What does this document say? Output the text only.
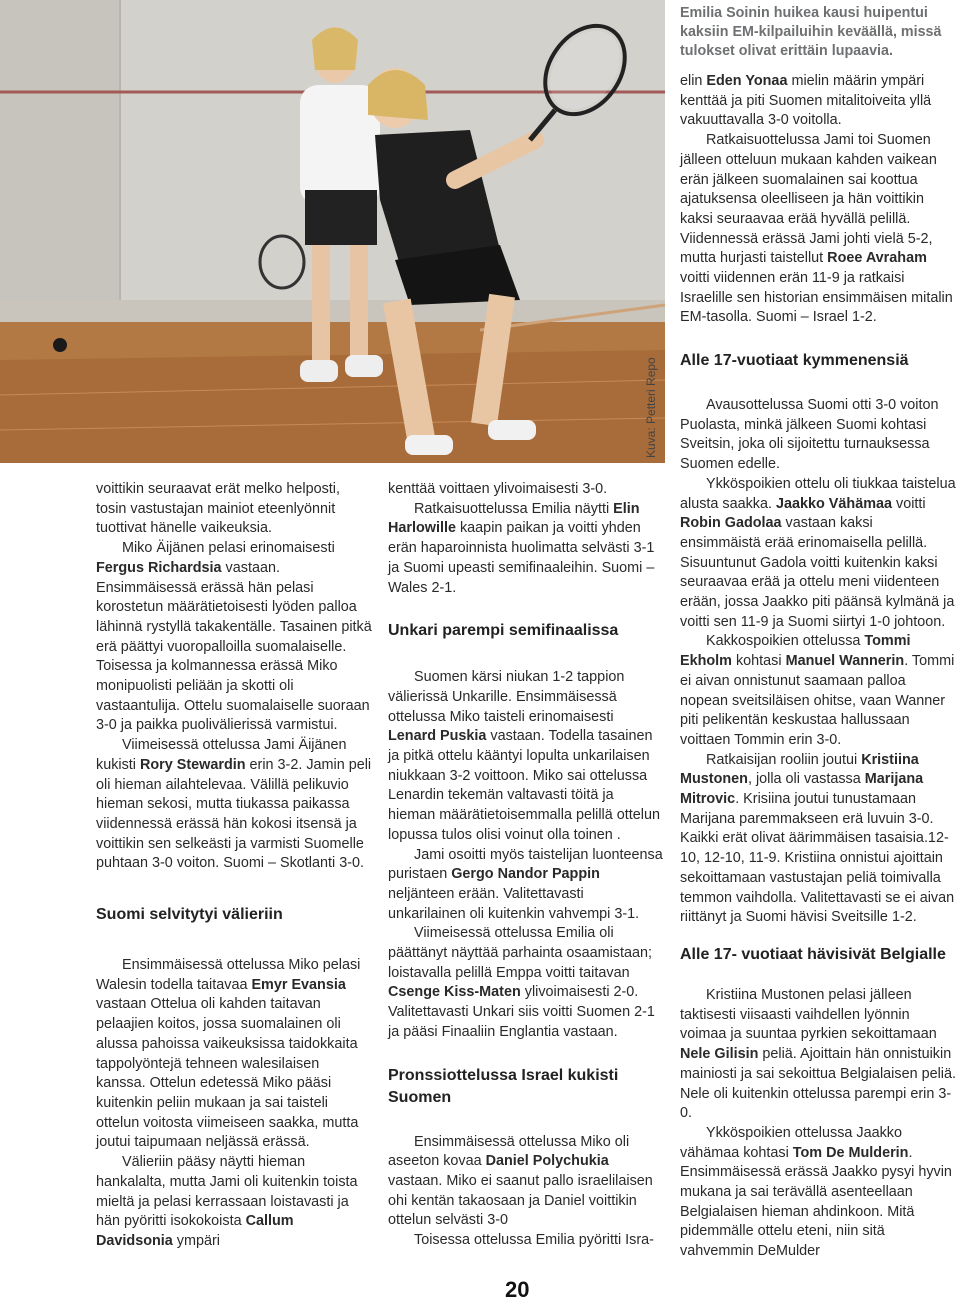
Kuva: Petteri Repo
Emilia Soinin huikea kausi huipentui kaksiin EM-kilpailuihin keväällä, missä tulokset olivat erittäin lupaavia.

elin Eden Yonaa mielin määrin ympäri kenttää ja piti Suomen mitalitoiveita yllä vakuuttavalla 3-0 voitolla.

Ratkaisuottelussa Jami toi Suomen jälleen otteluun mukaan kahden vaikean erän jälkeen suomalainen sai koottua ajatuksensa oleelliseen ja hän voittikin kaksi seuraavaa erää hyvällä pelillä. Viidennessä erässä Jami johti vielä 5-2, mutta hurjasti taistellut Roee Avraham voitti viidennen erän 11-9 ja ratkaisi Israelille sen historian ensimmäisen mitalin EM-tasolla. Suomi – Israel 1-2.

voittikin seuraavat erät melko helposti, tosin vastustajan mainiot eteenlyönnit tuottivat hänelle vaikeuksia.

Miko Äijänen pelasi erinomaisesti Fergus Richardsia vastaan. Ensimmäisessä erässä hän pelasi korostetun määrätietoisesti lyöden palloa lähinnä rystyllä takakentälle. Tasainen pitkä erä päättyi vuoropalloilla suomalaiselle. Toisessa ja kolmannessa erässä Miko monipuolisti peliään ja skotti oli vastaantulija. Ottelu suomalaiselle suoraan 3-0 ja paikka puolivälierissä varmistui.

Viimeisessä ottelussa Jami Äijänen kukisti Rory Stewardin erin 3-2. Jamin peli oli hieman ailahtelevaa. Välillä pelikuvio hieman sekosi, mutta tiukassa paikassa viidennessä erässä hän kokosi itsensä ja voittikin sen selkeästi ja varmisti Suomelle puhtaan 3-0 voiton. Suomi – Skotlanti 3-0.

Suomi selvitytyi välieriin

Ensimmäisessä ottelussa Miko pelasi Walesin todella taitavaa Emyr Evansia vastaan Ottelua oli kahden taitavan pelaajien koitos, jossa suomalainen oli alussa pahoissa vaikeuksissa taidokkaita tappolyöntejä tehneen walesilaisen kanssa. Ottelun edetessä Miko pääsi kuitenkin peliin mukaan ja sai taisteli ottelun voitosta viimeiseen saakka, mutta joutui taipumaan neljässä erässä.

Välieriin pääsy näytti hieman hankalalta, mutta Jami oli kuitenkin toista mieltä ja pelasi kerrassaan loistavasti ja hän pyöritti isokokoista Callum Davidsonia ympäri

kenttää voittaen ylivoimaisesti 3-0.

Ratkaisuottelussa Emilia näytti Elin Harlowille kaapin paikan ja voitti yhden erän haparoinnista huolimatta selvästi 3-1 ja Suomi upeasti semifinaaleihin. Suomi – Wales 2-1.

Unkari parempi semifinaalissa

Suomen kärsi niukan 1-2 tappion välierissä Unkarille. Ensimmäisessä ottelussa Miko taisteli erinomaisesti Lenard Puskia vastaan. Todella tasainen ja pitkä ottelu kääntyi lopulta unkarilaisen niukkaan 3-2 voittoon. Miko sai ottelussa Lenardin tekemän valtavasti töitä ja hieman määrätietoisemmalla pelillä ottelun lopussa tulos olisi voinut olla toinen .

Jami osoitti myös taistelijan luonteensa puristaen Gergo Nandor Pappin neljänteen erään. Valitettavasti unkarilainen oli kuitenkin vahvempi 3-1.

Viimeisessä ottelussa Emilia oli päättänyt näyttää parhainta osaamistaan; loistavalla pelillä Emppa voitti taitavan Csenge Kiss-Maten ylivoimaisesti 2-0. Valitettavasti Unkari siis voitti Suomen 2-1 ja pääsi Finaaliin Englantia vastaan.

Pronssiottelussa Israel kukisti Suomen

Ensimmäisessä ottelussa Miko oli aseeton kovaa Daniel Polychukia vastaan. Miko ei saanut pallo israelilaisen ohi kentän takaosaan ja Daniel voittikin ottelun selvästi 3-0

Toisessa ottelussa Emilia pyöritti Isra-

Alle 17-vuotiaat kymmenensiä

Avausottelussa Suomi otti 3-0 voiton Puolasta, minkä jälkeen Suomi kohtasi Sveitsin, joka oli sijoitettu turnauksessa Suomen edelle.

Ykköspoikien ottelu oli tiukkaa taistelua alusta saakka. Jaakko Vähämaa voitti Robin Gadolaa vastaan kaksi ensimmäistä erää erinomaisella pelillä. Sisuuntunut Gadola voitti kuitenkin kaksi seuraavaa erää ja ottelu meni viidenteen erään, jossa Jaakko piti päänsä kylmänä ja voitti sen 11-9 ja Suomi siirtyi 1-0 johtoon.

Kakkospoikien ottelussa Tommi Ekholm kohtasi Manuel Wannerin. Tommi ei aivan onnistunut saamaan palloa nopean sveitsiläisen ohitse, vaan Wanner piti pelikentän keskustaa hallussaan voittaen Tommin erin 3-0.

Ratkaisijan rooliin joutui Kristiina Mustonen, jolla oli vastassa Marijana Mitrovic. Krisiina joutui tunustamaan Marijana paremmakseen erä luvuin 3-0. Kaikki erät olivat äärimmäisen tasaisia.12-10, 12-10, 11-9. Kristiina onnistui ajoittain sekoittamaan vastustajan peliä toimivalla temmon vaihdolla. Valitettavasti se ei aivan riittänyt ja Suomi hävisi Sveitsille 1-2.

Alle 17- vuotiaat hävisivät Belgialle

Kristiina Mustonen pelasi jälleen taktisesti viisaasti vaihdellen lyönnin voimaa ja suuntaa pyrkien sekoittamaan Nele Gilisin peliä. Ajoittain hän onnistuikin mainiosti ja sai sekoittua Belgialaisen peliä. Nele oli kuitenkin ottelussa parempi erin 3-0.

Ykköspoikien ottelussa Jaakko vähämaa kohtasi Tom De Mulderin. Ensimmäisessä erässä Jaakko pysyi hyvin mukana ja sai terävällä asenteellaan Belgialaisen hieman ahdinkoon. Mitä pidemmälle ottelu eteni, niin sitä vahvemmin DeMulder

20
